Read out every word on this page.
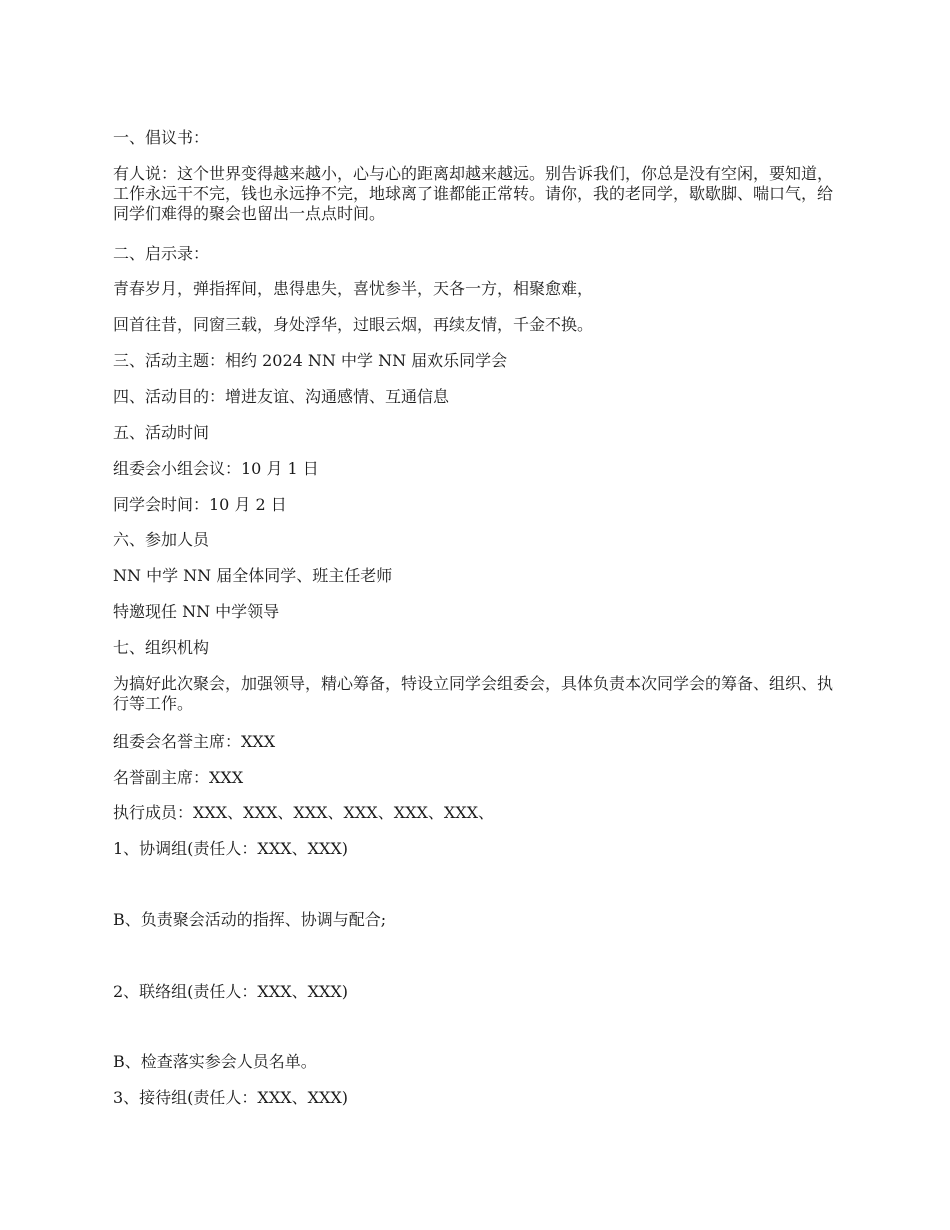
一、倡议书：
有人说：这个世界变得越来越小，心与心的距离却越来越远。别告诉我们，你总是没有空闲，要知道，工作永远干不完，钱也永远挣不完，地球离了谁都能正常转。请你，我的老同学，歇歇脚、喘口气，给同学们难得的聚会也留出一点点时间。
二、启示录：
青春岁月，弹指挥间，患得患失，喜忧参半，天各一方，相聚愈难，
回首往昔，同窗三载，身处浮华，过眼云烟，再续友情，千金不换。
三、活动主题：相约 2024 NN 中学 NN 届欢乐同学会
四、活动目的：增进友谊、沟通感情、互通信息
五、活动时间
组委会小组会议：10 月 1 日
同学会时间：10 月 2 日
六、参加人员
NN 中学 NN 届全体同学、班主任老师
特邀现任 NN 中学领导
七、组织机构
为搞好此次聚会，加强领导，精心筹备，特设立同学会组委会，具体负责本次同学会的筹备、组织、执行等工作。
组委会名誉主席：XXX
名誉副主席：XXX
执行成员：XXX、XXX、XXX、XXX、XXX、XXX、
1、协调组(责任人：XXX、XXX)
B、负责聚会活动的指挥、协调与配合;
2、联络组(责任人：XXX、XXX)
B、检查落实参会人员名单。
3、接待组(责任人：XXX、XXX)
